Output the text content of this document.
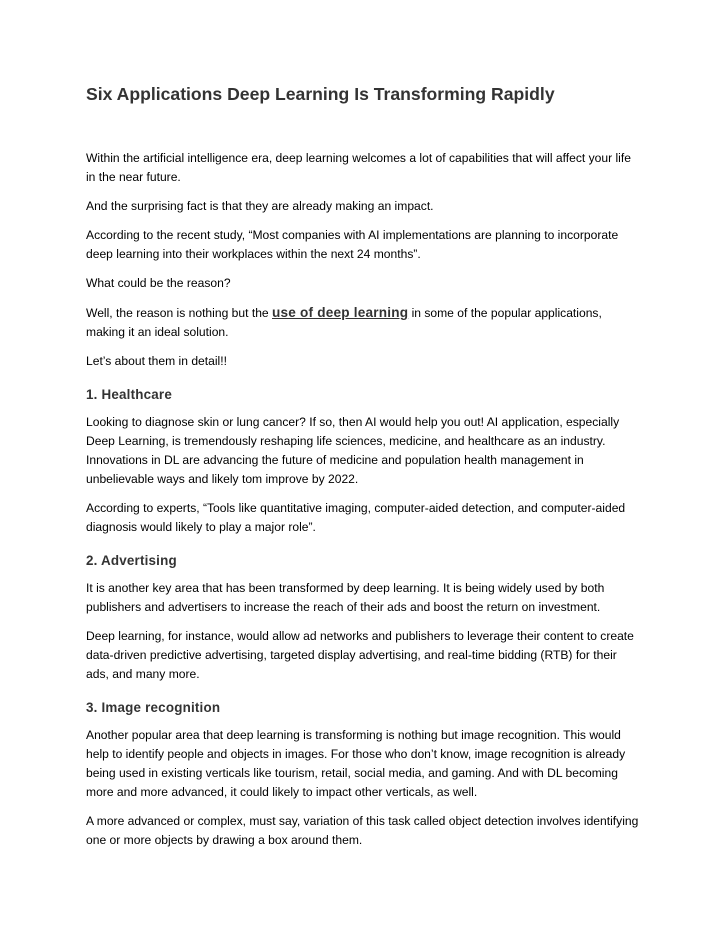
Six Applications Deep Learning Is Transforming Rapidly

Within the artificial intelligence era, deep learning welcomes a lot of capabilities that will affect your life in the near future.

And the surprising fact is that they are already making an impact.

According to the recent study, “Most companies with AI implementations are planning to incorporate deep learning into their workplaces within the next 24 months”.

What could be the reason?

Well, the reason is nothing but the use of deep learning in some of the popular applications, making it an ideal solution.

Let’s about them in detail!!

1. Healthcare

Looking to diagnose skin or lung cancer? If so, then AI would help you out! AI application, especially Deep Learning, is tremendously reshaping life sciences, medicine, and healthcare as an industry. Innovations in DL are advancing the future of medicine and population health management in unbelievable ways and likely tom improve by 2022.

According to experts, “Tools like quantitative imaging, computer-aided detection, and computer-aided diagnosis would likely to play a major role”.

2. Advertising

It is another key area that has been transformed by deep learning. It is being widely used by both publishers and advertisers to increase the reach of their ads and boost the return on investment.

Deep learning, for instance, would allow ad networks and publishers to leverage their content to create data-driven predictive advertising, targeted display advertising, and real-time bidding (RTB) for their ads, and many more.

3. Image recognition

Another popular area that deep learning is transforming is nothing but image recognition. This would help to identify people and objects in images. For those who don’t know, image recognition is already being used in existing verticals like tourism, retail, social media, and gaming. And with DL becoming more and more advanced, it could likely to impact other verticals, as well.

A more advanced or complex, must say, variation of this task called object detection involves identifying one or more objects by drawing a box around them.
